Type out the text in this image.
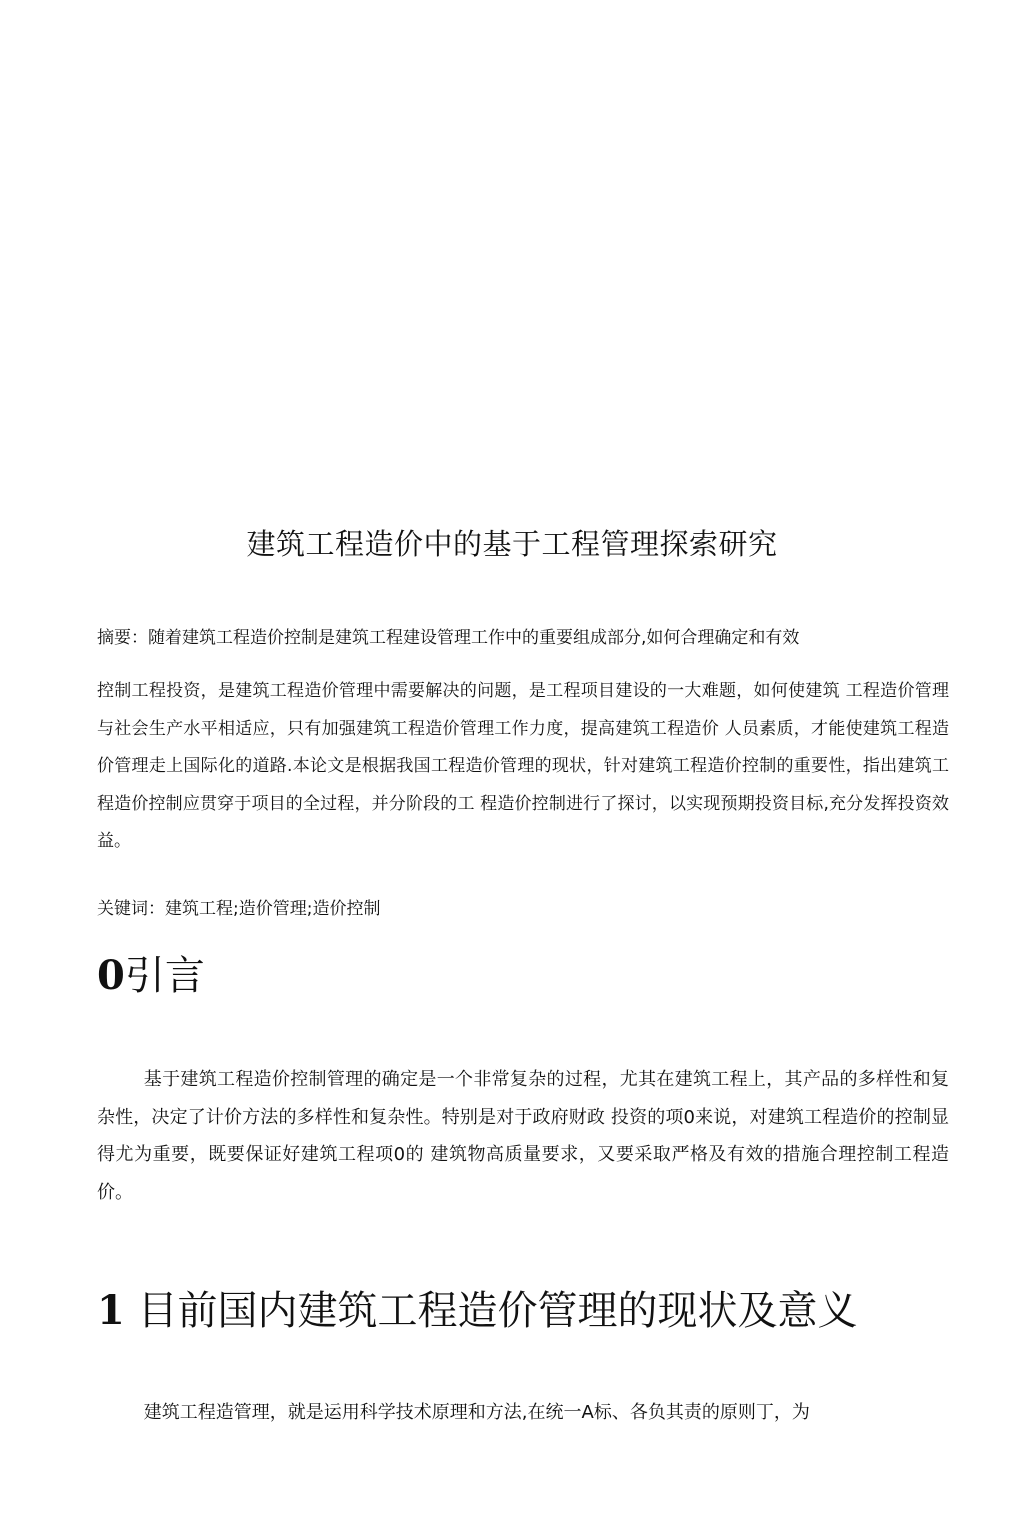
建筑工程造价中的基于工程管理探索研究
摘要：随着建筑工程造价控制是建筑工程建设管理工作中的重要组成部分,如何合理确定和有效

控制工程投资，是建筑工程造价管理中需要解决的问题，是工程项目建设的一大难题，如何使建筑 工程造价管理与社会生产水平相适应，只有加强建筑工程造价管理工作力度，提高建筑工程造价 人员素质，才能使建筑工程造价管理走上国际化的道路.本论文是根据我国工程造价管理的现状，针对建筑工程造价控制的重要性，指出建筑工程造价控制应贯穿于项目的全过程，并分阶段的工 程造价控制进行了探讨，以实现预期投资目标,充分发挥投资效益。

关键词：建筑工程;造价管理;造价控制
0引言

基于建筑工程造价控制管理的确定是一个非常复杂的过程，尤其在建筑工程上，其产品的多样性和复杂性，决定了计价方法的多样性和复杂性。特别是对于政府财政 投资的项0来说，对建筑工程造价的控制显得尤为重要，既要保证好建筑工程项0的 建筑物高质量要求，又要采取严格及有效的措施合理控制工程造价。

1 目前国内建筑工程造价管理的现状及意义

建筑工程造管理，就是运用科学技术原理和方法,在统一A标、各负其责的原则丁，为
